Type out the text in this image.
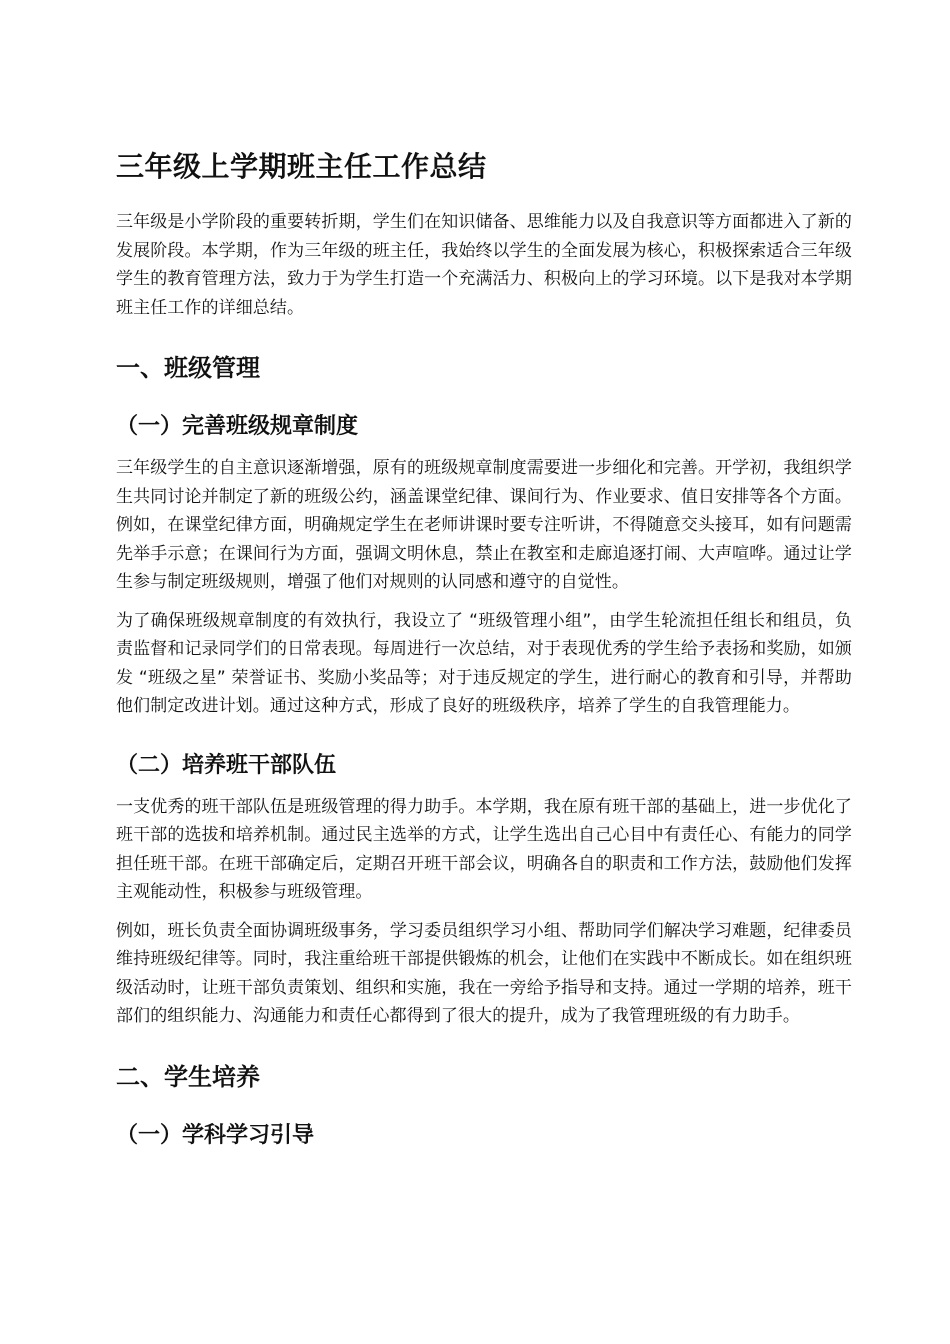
三年级上学期班主任工作总结

三年级是小学阶段的重要转折期，学生们在知识储备、思维能力以及自我意识等方面都进入了新的发展阶段。本学期，作为三年级的班主任，我始终以学生的全面发展为核心，积极探索适合三年级学生的教育管理方法，致力于为学生打造一个充满活力、积极向上的学习环境。以下是我对本学期班主任工作的详细总结。

一、班级管理
（一）完善班级规章制度

三年级学生的自主意识逐渐增强，原有的班级规章制度需要进一步细化和完善。开学初，我组织学生共同讨论并制定了新的班级公约，涵盖课堂纪律、课间行为、作业要求、值日安排等各个方面。例如，在课堂纪律方面，明确规定学生在老师讲课时要专注听讲，不得随意交头接耳，如有问题需先举手示意；在课间行为方面，强调文明休息，禁止在教室和走廊追逐打闹、大声喧哗。通过让学生参与制定班级规则，增强了他们对规则的认同感和遵守的自觉性。

为了确保班级规章制度的有效执行，我设立了 “班级管理小组”，由学生轮流担任组长和组员，负责监督和记录同学们的日常表现。每周进行一次总结，对于表现优秀的学生给予表扬和奖励，如颁发 “班级之星” 荣誉证书、奖励小奖品等；对于违反规定的学生，进行耐心的教育和引导，并帮助他们制定改进计划。通过这种方式，形成了良好的班级秩序，培养了学生的自我管理能力。

（二）培养班干部队伍

一支优秀的班干部队伍是班级管理的得力助手。本学期，我在原有班干部的基础上，进一步优化了班干部的选拔和培养机制。通过民主选举的方式，让学生选出自己心目中有责任心、有能力的同学担任班干部。在班干部确定后，定期召开班干部会议，明确各自的职责和工作方法，鼓励他们发挥主观能动性，积极参与班级管理。

例如，班长负责全面协调班级事务，学习委员组织学习小组、帮助同学们解决学习难题，纪律委员维持班级纪律等。同时，我注重给班干部提供锻炼的机会，让他们在实践中不断成长。如在组织班级活动时，让班干部负责策划、组织和实施，我在一旁给予指导和支持。通过一学期的培养，班干部们的组织能力、沟通能力和责任心都得到了很大的提升，成为了我管理班级的有力助手。

二、学生培养
（一）学科学习引导
